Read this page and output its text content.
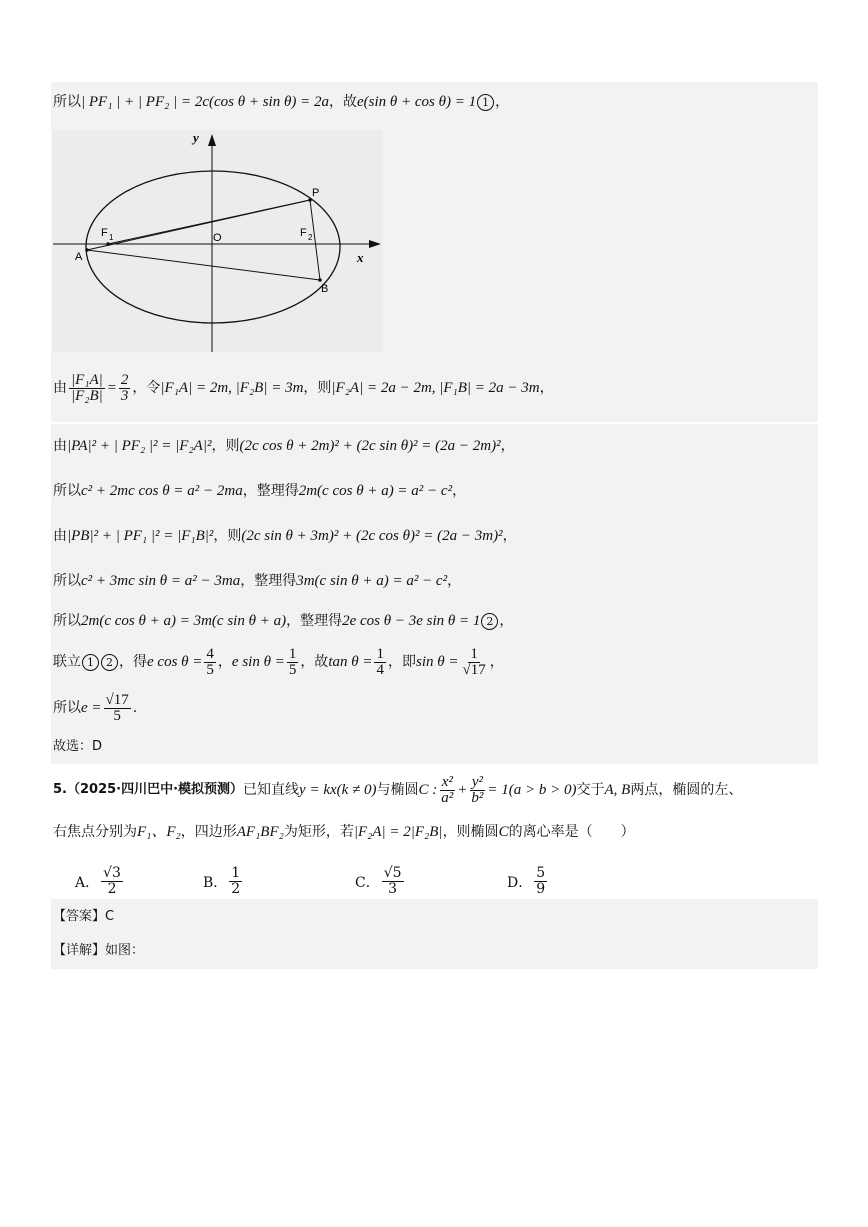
所以| PF₁ | + | PF₂ | = 2c(cos θ + sin θ) = 2a，故e(sin θ + cos θ) = 1 1 ，
y
x
O
P
A
B
F 1	F 2
由 $\frac{\text{|F₁A|}}{\text{|F₂B|}} = \frac{2}{3}$ ，令 |F₁A| = 2m, |F₂B| = 3m ，则 |F₂A| = 2a − 2m, |F₁B| = 2a − 3m ，
由|PA|² + | PF₂ |² = |F₂A|²，则(2c cos θ + 2m)² + (2c sin θ)² = (2a − 2m)²，
所以c² + 2mc cos θ = a² − 2ma，整理得2m(c cos θ + a) = a² − c²，
由|PB|² + | PF₁ |² = |F₁B|²，则(2c sin θ + 3m)² + (2c cos θ)² = (2a − 3m)²，
所以c² + 3mc sin θ = a² − 3ma，整理得3m(c sin θ + a) = a² − c²，
所以2m(c cos θ + a) = 3m(c sin θ + a)，整理得2e cos θ − 3e sin θ = 1 2 ，
联立 1	2 ，得 e $\cos \theta = \frac{4}{5}$ ， e $\sin \theta = \frac{1}{5}$ ，故 $\tan \theta = \frac{1}{4}$ ，即 $\sin \theta = \frac{1}{√17}$ ，
所以 $e = \frac{√17}{5}$ .
故选：D
5. （2025·四川巴中·模拟预测） 已知直线 y = kx(k ≠ 0) 与椭圆 C : $\frac{\text{x²}}{\text{a²}} + \frac{\text{y²}}{\text{b²}} = 1(a > b > 0)$ 交于 A, B 两点，椭圆的左、
右焦点分别为F₁、F₂，四边形AF₁BF₂为矩形，若|F₂A| = 2|F₂B|，则椭圆C的离心率是（　　）
A． $\frac{√3}{2}$	B． $\frac{1}{2}$	C． $\frac{√5}{3}$	D． $\frac{5}{9}$
【答案】C
【详解】如图：
